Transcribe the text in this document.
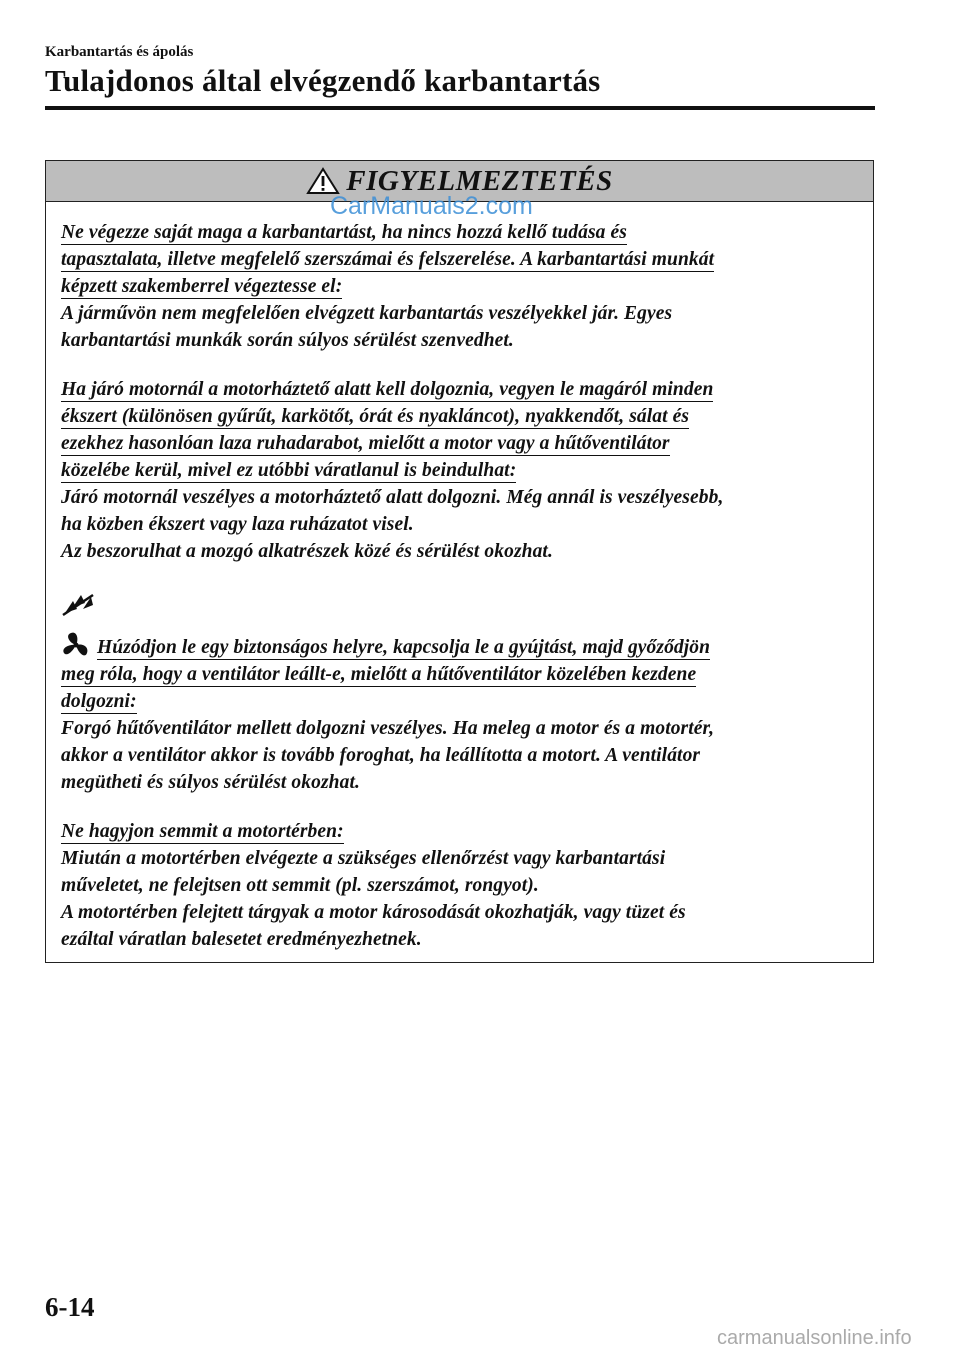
Karbantartás és ápolás
Tulajdonos által elvégzendő karbantartás
FIGYELMEZTETÉS
Ne végezze saját maga a karbantartást, ha nincs hozzá kellő tudása és
tapasztalata, illetve megfelelő szerszámai és felszerelése. A karbantartási munkát
képzett szakemberrel végeztesse el:
A járművön nem megfelelően elvégzett karbantartás veszélyekkel jár. Egyes
karbantartási munkák során súlyos sérülést szenvedhet.
Ha járó motornál a motorháztető alatt kell dolgoznia, vegyen le magáról minden
ékszert (különösen gyűrűt, karkötőt, órát és nyakláncot), nyakkendőt, sálat és
ezekhez hasonlóan laza ruhadarabot, mielőtt a motor vagy a hűtőventilátor
közelébe kerül, mivel ez utóbbi váratlanul is beindulhat:
Járó motornál veszélyes a motorháztető alatt dolgozni. Még annál is veszélyesebb,
ha közben ékszert vagy laza ruházatot visel.
Az beszorulhat a mozgó alkatrészek közé és sérülést okozhat.
Húzódjon le egy biztonságos helyre, kapcsolja le a gyújtást, majd győződjön
meg róla, hogy a ventilátor leállt-e, mielőtt a hűtőventilátor közelében kezdene
dolgozni:
Forgó hűtőventilátor mellett dolgozni veszélyes. Ha meleg a motor és a motortér,
akkor a ventilátor akkor is tovább foroghat, ha leállította a motort. A ventilátor
megütheti és súlyos sérülést okozhat.
Ne hagyjon semmit a motortérben:
Miután a motortérben elvégezte a szükséges ellenőrzést vagy karbantartási
műveletet, ne felejtsen ott semmit (pl. szerszámot, rongyot).
A motortérben felejtett tárgyak a motor károsodását okozhatják, vagy tüzet és
ezáltal váratlan balesetet eredményezhetnek.
CarManuals2.com
6-14
carmanualsonline.info
